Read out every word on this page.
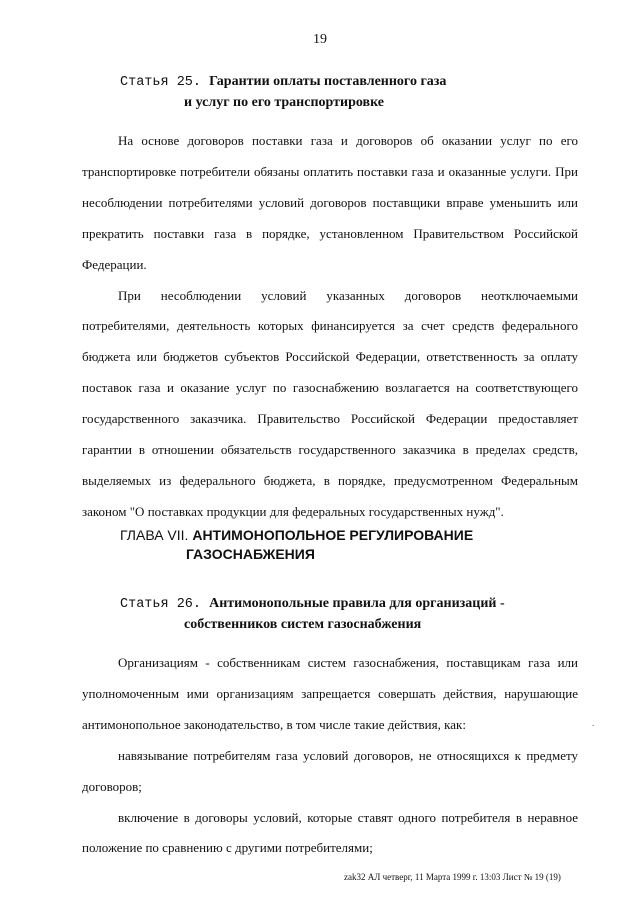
19
Статья 25. Гарантии оплаты поставленного газа
и услуг по его транспортировке

На основе договоров поставки газа и договоров об оказании услуг по его транспортировке потребители обязаны оплатить поставки газа и оказанные услуги. При несоблюдении потребителями условий договоров поставщики вправе уменьшить или прекратить поставки газа в порядке, установленном Правительством Российской Федерации.

При несоблюдении условий указанных договоров неотключаемыми потребителями, деятельность которых финансируется за счет средств федерального бюджета или бюджетов субъектов Российской Федерации, ответственность за оплату поставок газа и оказание услуг по газоснабжению возлагается на соответствующего государственного заказчика. Правительство Российской Федерации предоставляет гарантии в отношении обязательств государственного заказчика в пределах средств, выделяемых из федерального бюджета, в порядке, предусмотренном Федеральным законом "О поставках продукции для федеральных государственных нужд".

ГЛАВА VII. АНТИМОНОПОЛЬНОЕ РЕГУЛИРОВАНИЕ
ГАЗОСНАБЖЕНИЯ
Статья 26. Антимонопольные правила для организаций -
собственников систем газоснабжения

Организациям - собственникам систем газоснабжения, поставщикам газа или уполномоченным ими организациям запрещается совершать действия, нарушающие антимонопольное законодательство, в том числе такие действия, как:

навязывание потребителям газа условий договоров, не относящихся к предмету договоров;

включение в договоры условий, которые ставят одного потребителя в неравное положение по сравнению с другими потребителями;

.
zak32 АЛ четверг, 11 Марта 1999 г. 13:03 Лист № 19 (19)
